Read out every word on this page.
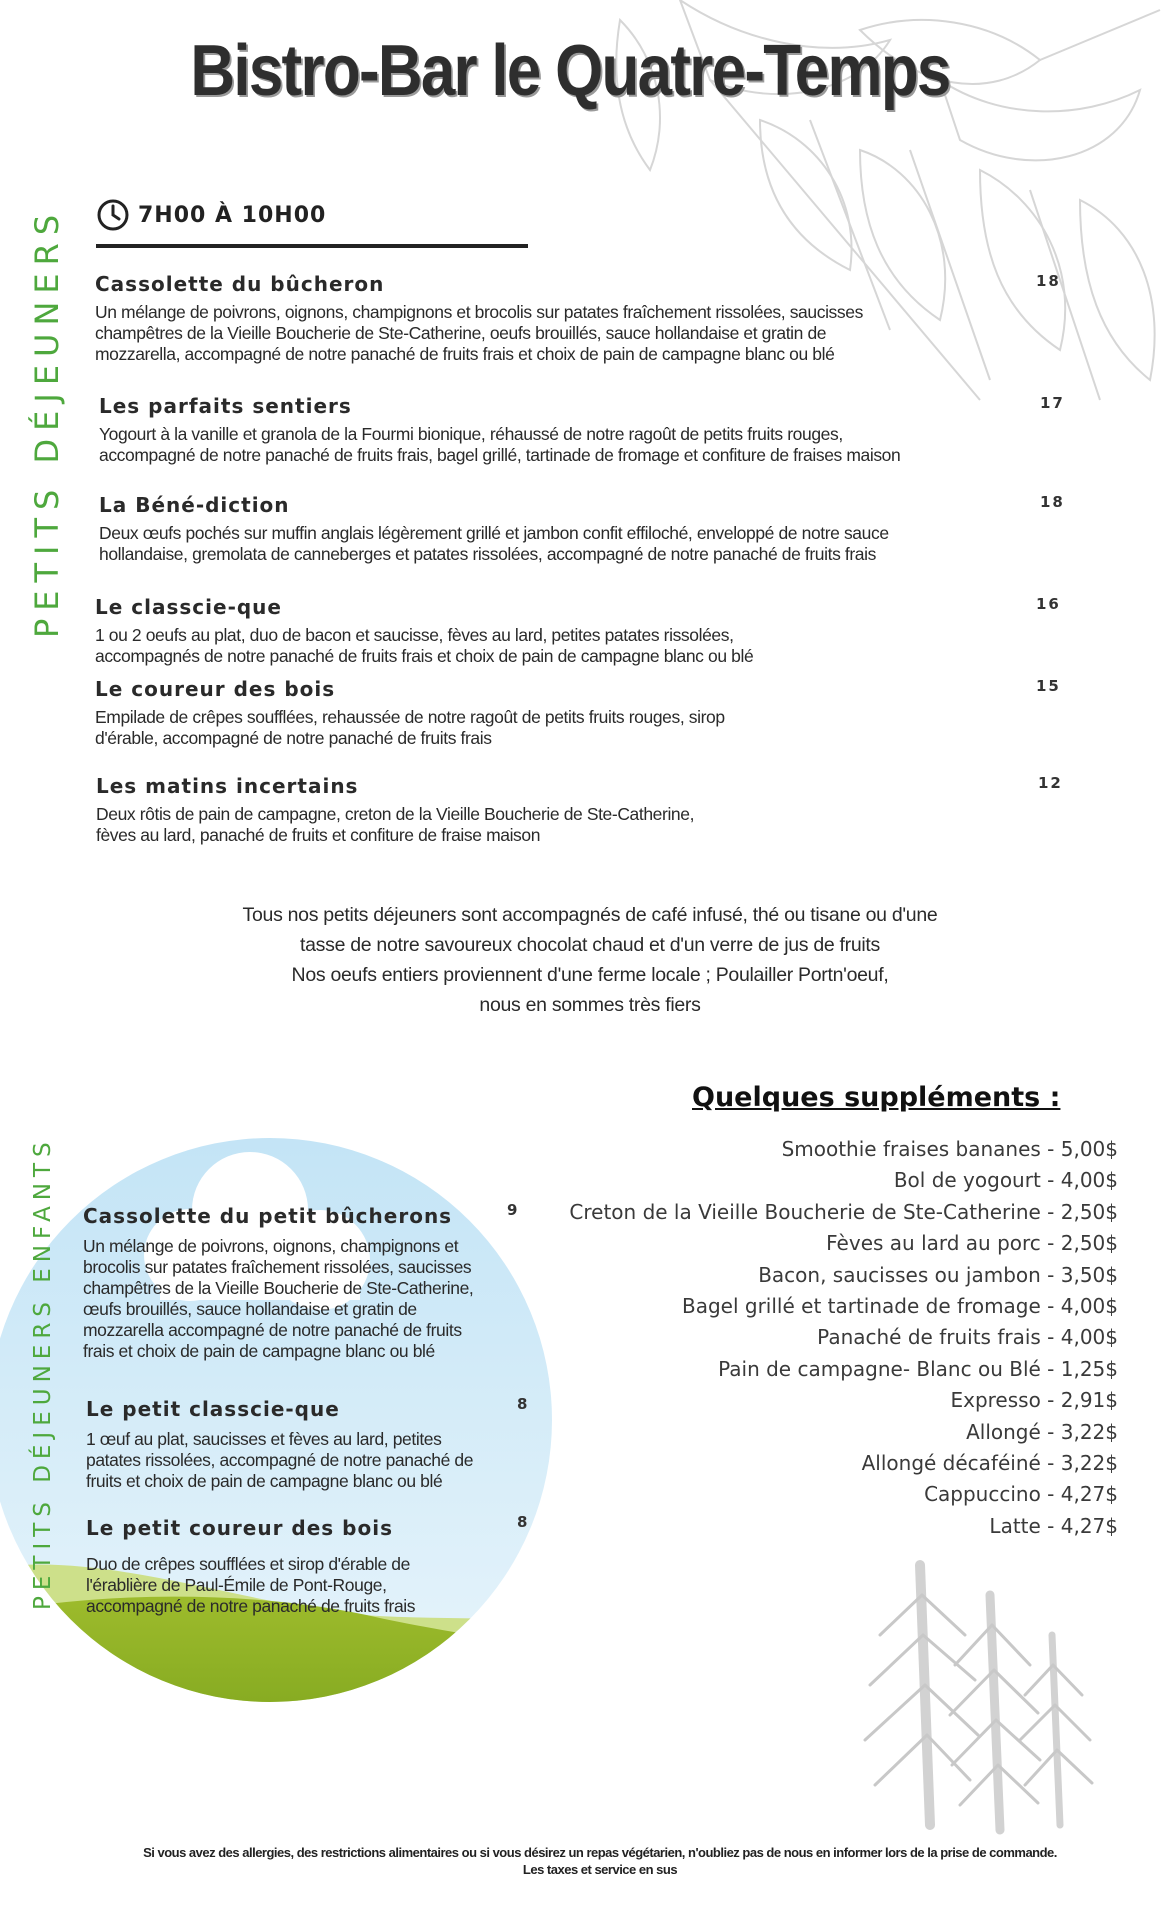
Bistro-Bar le Quatre-Temps
PETITS DÉJEUNERS	7H00 À 10H00
Cassolette du bûcheron
Un mélange de poivrons, oignons, champignons et brocolis sur patates fraîchement rissolées, saucisses
champêtres de la Vieille Boucherie de Ste-Catherine, oeufs brouillés, sauce hollandaise et gratin de
mozzarella, accompagné de notre panaché de fruits frais et choix de pain de campagne blanc ou blé
18
Les parfaits sentiers
Yogourt à la vanille et granola de la Fourmi bionique, réhaussé de notre ragoût de petits fruits rouges,
accompagné de notre panaché de fruits frais, bagel grillé, tartinade de fromage et confiture de fraises maison
17
La Béné-diction
Deux œufs pochés sur muffin anglais légèrement grillé et jambon confit effiloché, enveloppé de notre sauce
hollandaise, gremolata de canneberges et patates rissolées, accompagné de notre panaché de fruits frais
18
Le classcie-que
1 ou 2 oeufs au plat, duo de bacon et saucisse, fèves au lard, petites patates rissolées,
accompagnés de notre panaché de fruits frais et choix de pain de campagne blanc ou blé
16
Le coureur des bois
Empilade de crêpes soufflées, rehaussée de notre ragoût de petits fruits rouges, sirop
d'érable, accompagné de notre panaché de fruits frais
15
Les matins incertains
Deux rôtis de pain de campagne, creton de la Vieille Boucherie de Ste-Catherine,
fèves au lard, panaché de fruits et confiture de fraise maison
12
Tous nos petits déjeuners sont accompagnés de café infusé, thé ou tisane ou d'une
tasse de notre savoureux chocolat chaud et d'un verre de jus de fruits
Nos oeufs entiers proviennent d'une ferme locale ; Poulailler Portn'oeuf,
nous en sommes très fiers
PETITS DÉJEUNERS ENFANTS Cassolette du petit bûcherons
Un mélange de poivrons, oignons, champignons et
brocolis sur patates fraîchement rissolées, saucisses
champêtres de la Vieille Boucherie de Ste-Catherine,
œufs brouillés, sauce hollandaise et gratin de
mozzarella accompagné de notre panaché de fruits
frais et choix de pain de campagne blanc ou blé
9
Le petit classcie-que
1 œuf au plat, saucisses et fèves au lard, petites
patates rissolées, accompagné de notre panaché de
fruits et choix de pain de campagne blanc ou blé
8
Le petit coureur des bois
Duo de crêpes soufflées et sirop d'érable de
l'érablière de Paul-Émile de Pont-Rouge,
accompagné de notre panaché de fruits frais
8
Quelques suppléments :
Smoothie fraises bananes - 5,00$
Bol de yogourt - 4,00$
Creton de la Vieille Boucherie de Ste-Catherine - 2,50$
Fèves au lard au porc - 2,50$
Bacon, saucisses ou jambon - 3,50$
Bagel grillé et tartinade de fromage - 4,00$
Panaché de fruits frais - 4,00$
Pain de campagne- Blanc ou Blé - 1,25$
Expresso - 2,91$
Allongé - 3,22$
Allongé décaféiné - 3,22$
Cappuccino - 4,27$
Latte - 4,27$
Si vous avez des allergies, des restrictions alimentaires ou si vous désirez un repas végétarien, n'oubliez pas de nous en informer lors de la prise de commande.
Les taxes et service en sus
